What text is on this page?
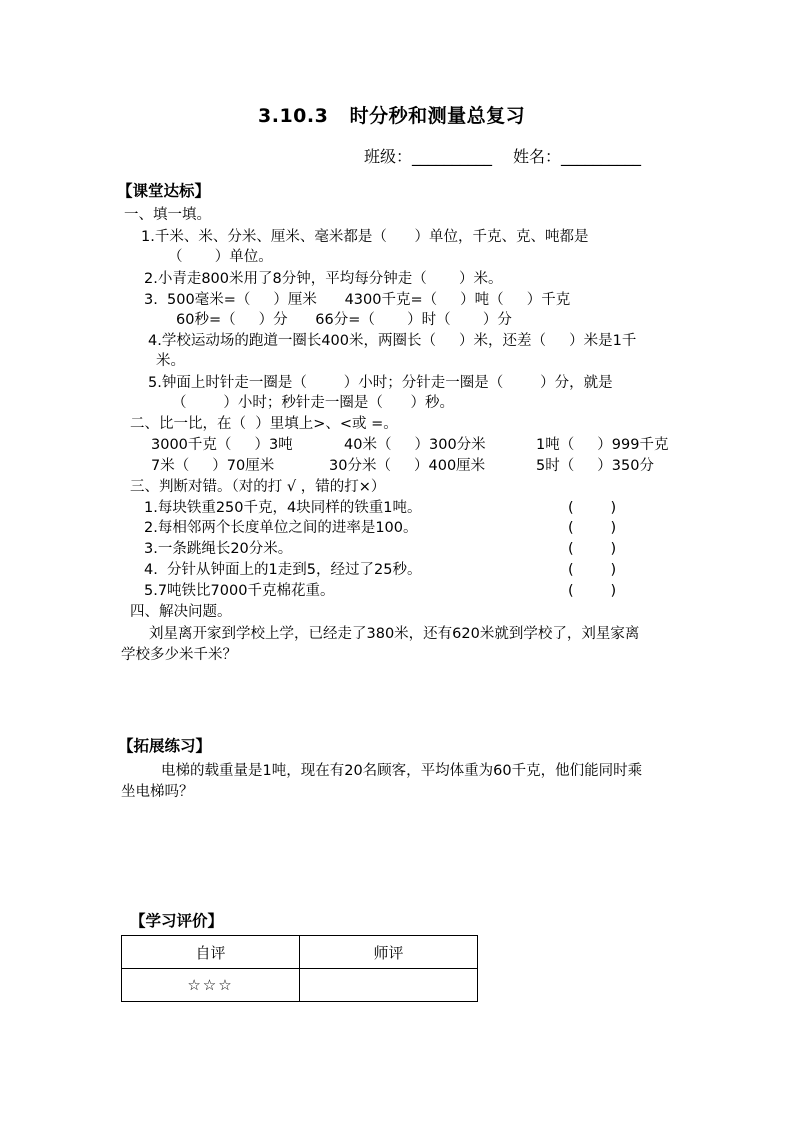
3.10.3   时分秒和测量总复习
班级：__________ 姓名：__________
【课堂达标】
一、填一填。
1.千米、米、分米、厘米、毫米都是（      ）单位，千克、克、吨都是
（       ）单位。
2.小青走800米用了8分钟，平均每分钟走（       ）米。
3.  500毫米=（     ）厘米      4300千克=（     ）吨（     ）千克
60秒=（     ）分      66分=（       ）时（       ）分
4.学校运动场的跑道一圈长400米，两圈长（     ）米，还差（     ）米是1千
米。
5.钟面上时针走一圈是（        ）小时；分针走一圈是（        ）分，就是
（        ）小时；秒针走一圈是（      ）秒。
二、比一比，在（  ）里填上>、<或 =。
3000千克（     ）3吨	40米（     ）300分米	1吨（     ）999千克
7米（     ）70厘米	30分米（     ）400厘米	5时（     ）350分
三、判断对错。（对的打 √ ，错的打×）
1.每块铁重250千克，4块同样的铁重1吨。	(        )
2.每相邻两个长度单位之间的进率是100。	(        )
3.一条跳绳长20分米。	(        )
4.  分针从钟面上的1走到5，经过了25秒。	(        )
5.7吨铁比7000千克棉花重。	(        )
四、解决问题。
刘星离开家到学校上学，已经走了380米，还有620米就到学校了，刘星家离
学校多少米千米？
【拓展练习】
电梯的载重量是1吨，现在有20名顾客，平均体重为60千克，他们能同时乘
坐电梯吗？
【学习评价】
自评	师评
☆☆☆	
